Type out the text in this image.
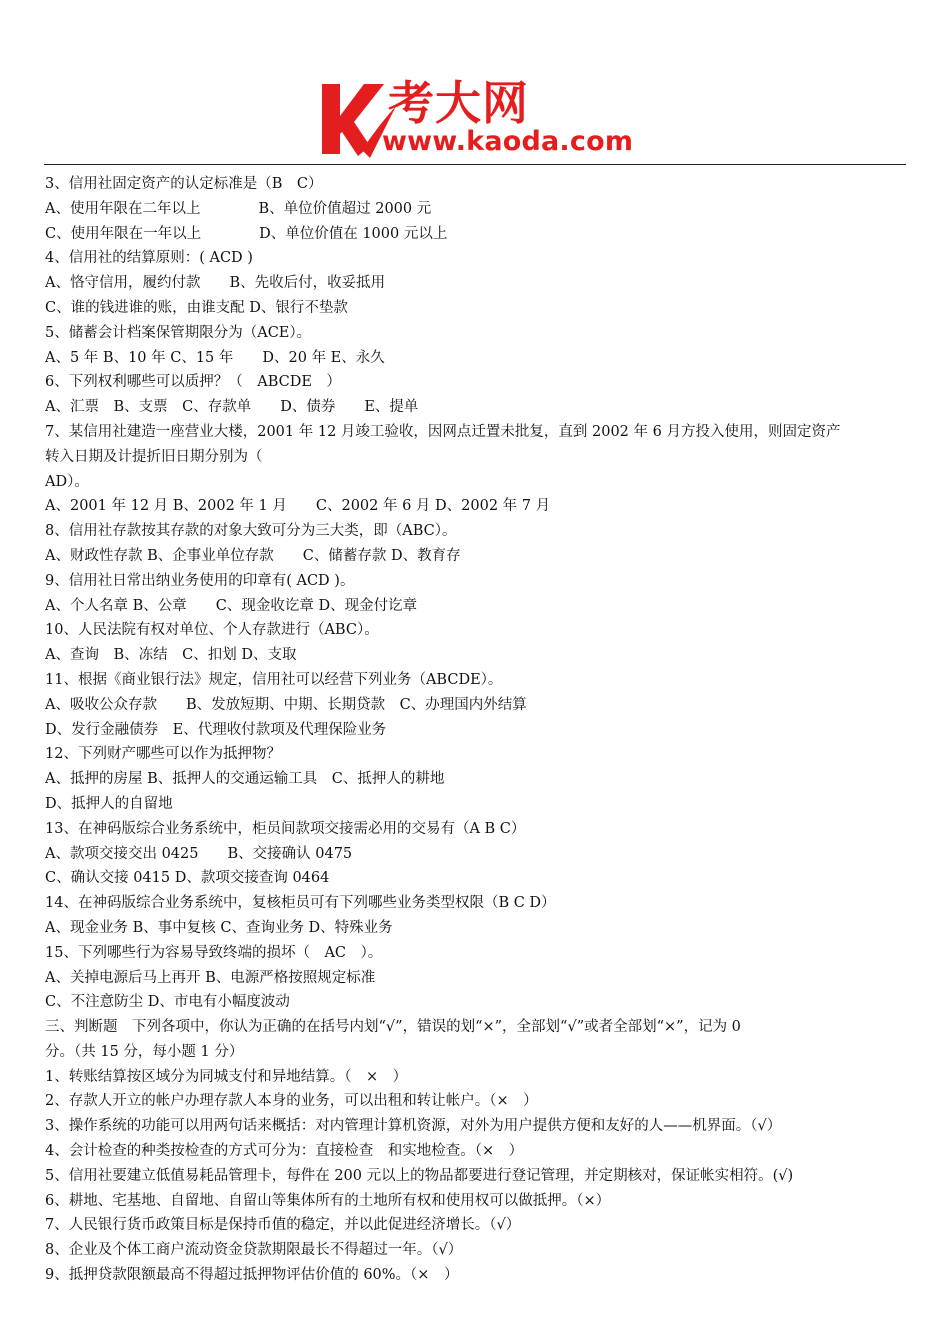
考大网
www.kaoda.com
3、信用社固定资产的认定标准是（B　C）
A、使用年限在二年以上　　　　B、单位价值超过 2000 元
C、使用年限在一年以上　　　　D、单位价值在 1000 元以上
4、信用社的结算原则：( ACD )
A、恪守信用，履约付款　　B、先收后付，收妥抵用
C、谁的钱进谁的账，由谁支配 D、银行不垫款
5、储蓄会计档案保管期限分为（ACE）。
A、5 年 B、10 年 C、15 年　　D、20 年 E、永久
6、下列权利哪些可以质押？（　ABCDE　）
A、汇票　B、支票　C、存款单　　D、债券　　E、提单
7、某信用社建造一座营业大楼，2001 年 12 月竣工验收，因网点迁置未批复，直到 2002 年 6 月方投入使用，则固定资产
转入日期及计提折旧日期分别为（
AD）。
A、2001 年 12 月 B、2002 年 1 月　　C、2002 年 6 月 D、2002 年 7 月
8、信用社存款按其存款的对象大致可分为三大类，即（ABC）。
A、财政性存款 B、企事业单位存款　　C、储蓄存款 D、教育存
9、信用社日常出纳业务使用的印章有( ACD )。
A、个人名章 B、公章　　C、现金收讫章 D、现金付讫章
10、人民法院有权对单位、个人存款进行（ABC）。
A、查询　B、冻结　C、扣划 D、支取
11、根据《商业银行法》规定，信用社可以经营下列业务（ABCDE）。
A、吸收公众存款　　B、发放短期、中期、长期贷款　C、办理国内外结算
D、发行金融债券　E、代理收付款项及代理保险业务
12、下列财产哪些可以作为抵押物？
A、抵押的房屋 B、抵押人的交通运输工具　C、抵押人的耕地
D、抵押人的自留地
13、在神码版综合业务系统中，柜员间款项交接需必用的交易有（A B C）
A、款项交接交出 0425　　B、交接确认 0475
C、确认交接 0415 D、款项交接查询 0464
14、在神码版综合业务系统中，复核柜员可有下列哪些业务类型权限（B C D）
A、现金业务 B、事中复核 C、查询业务 D、特殊业务
15、下列哪些行为容易导致终端的损坏（　AC　）。
A、关掉电源后马上再开 B、电源严格按照规定标准
C、不注意防尘 D、市电有小幅度波动
三、判断题　下列各项中，你认为正确的在括号内划“√”，错误的划“×”，全部划“√”或者全部划“×”，记为 0
分。（共 15 分，每小题 1 分）
1、转账结算按区域分为同城支付和异地结算。（　×　）
2、存款人开立的帐户办理存款人本身的业务，可以出租和转让帐户。（×　）
3、操作系统的功能可以用两句话来概括：对内管理计算机资源，对外为用户提供方便和友好的人——机界面。（√）
4、会计检查的种类按检查的方式可分为：直接检查　和实地检查。（×　）
5、信用社要建立低值易耗品管理卡，每件在 200 元以上的物品都要进行登记管理，并定期核对，保证帐实相符。(√)
6、耕地、宅基地、自留地、自留山等集体所有的土地所有权和使用权可以做抵押。（×）
7、人民银行货币政策目标是保持币值的稳定，并以此促进经济增长。（√）
8、企业及个体工商户流动资金贷款期限最长不得超过一年。（√）
9、抵押贷款限额最高不得超过抵押物评估价值的 60%。（×　）
